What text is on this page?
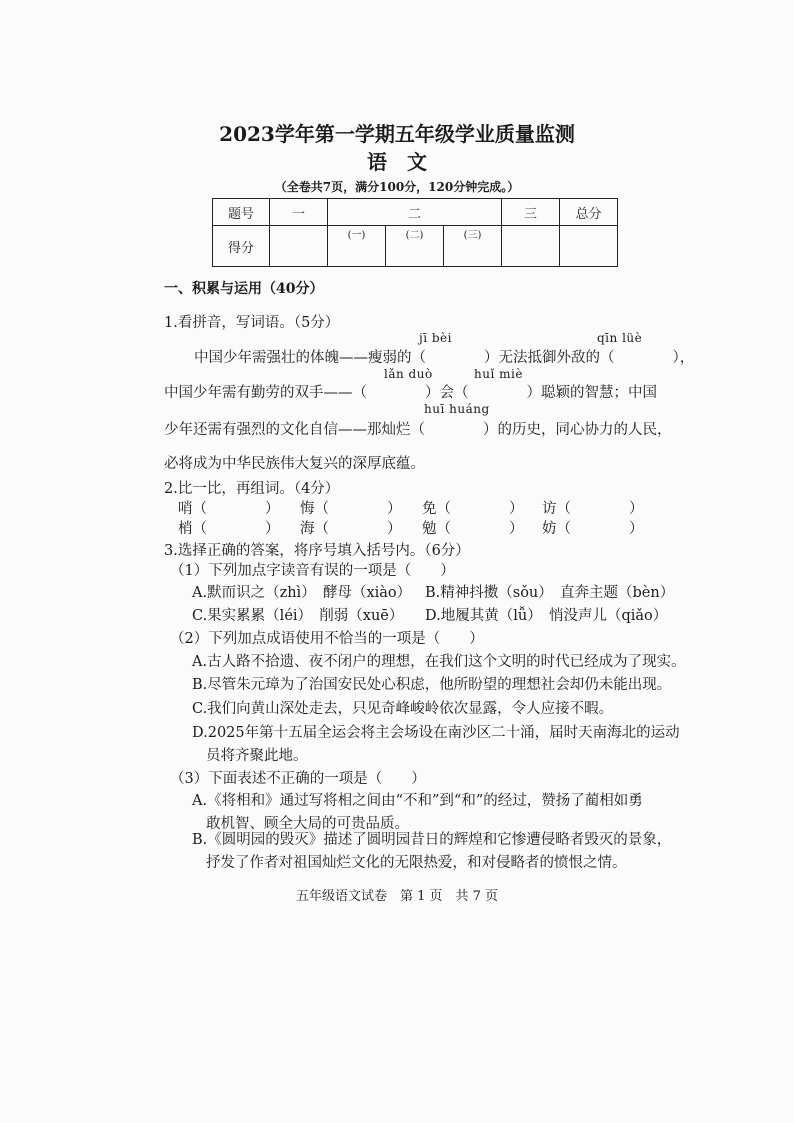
2023学年第一学期五年级学业质量监测
语　文
（全卷共7页，满分100分，120分钟完成。）
题号	一	二			三	总分
得分		(一)	(二)	(三)		
一、积累与运用（40分）
1.看拼音，写词语。（5分）
jī bèi	qīn lüè
中国少年需强壮的体魄——瘦弱的（　　　　）无法抵御外敌的（　　　　），
lǎn duò	huǐ miè
中国少年需有勤劳的双手——（　　　　）会（　　　　）聪颖的智慧；中国
huī huáng
少年还需有强烈的文化自信——那灿烂（　　　　）的历史，同心协力的人民，
必将成为中华民族伟大复兴的深厚底蕴。
2.比一比，再组词。（4分）
哨（　　　　） 悔（　　　　） 免（　　　　） 访（　　　　）
梢（　　　　） 海（　　　　） 勉（　　　　） 妨（　　　　）
3.选择正确的答案，将序号填入括号内。（6分）
（1）下列加点字读音有误的一项是（　　）
A.默而识之（zhì）　酵母（xiào） B.精神抖擞（sǒu）　直奔主题（bèn）
C.果实累累（léi）　削弱（xuē） D.地履其黄（lǚ）　悄没声儿（qiǎo）
（2）下列加点成语使用不恰当的一项是（　　）
A.古人路不拾遗、夜不闭户的理想，在我们这个文明的时代已经成为了现实。
B.尽管朱元璋为了治国安民处心积虑，他所盼望的理想社会却仍未能出现。
C.我们向黄山深处走去，只见奇峰峻岭依次显露，令人应接不暇。
D.2025年第十五届全运会将主会场设在南沙区二十涌，届时天南海北的运动
员将齐聚此地。
（3）下面表述不正确的一项是（　　）
A.《将相和》通过写将相之间由“不和”到“和”的经过，赞扬了蔺相如勇
敢机智、顾全大局的可贵品质。
B.《圆明园的毁灭》描述了圆明园昔日的辉煌和它惨遭侵略者毁灭的景象，
抒发了作者对祖国灿烂文化的无限热爱，和对侵略者的愤恨之情。
五年级语文试卷　第 1 页　共 7 页
